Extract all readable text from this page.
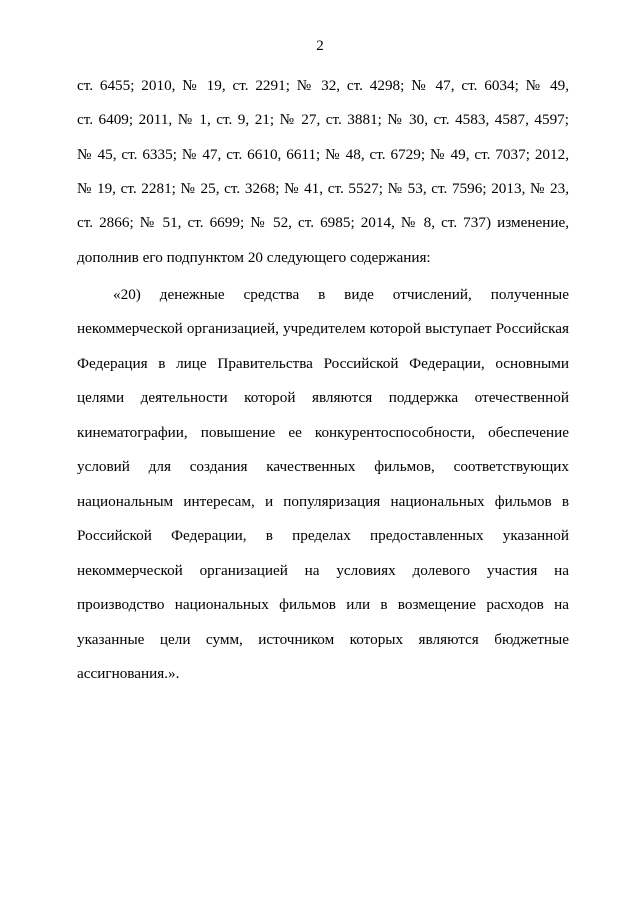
2
ст. 6455; 2010, № 19, ст. 2291; № 32, ст. 4298; № 47, ст. 6034; № 49,
ст. 6409; 2011, № 1, ст. 9, 21; № 27, ст. 3881; № 30, ст. 4583, 4587, 4597;
№ 45, ст. 6335; № 47, ст. 6610, 6611; № 48, ст. 6729; № 49, ст. 7037; 2012,
№ 19, ст. 2281; № 25, ст. 3268; № 41, ст. 5527; № 53, ст. 7596; 2013, № 23,
ст. 2866; № 51, ст. 6699; № 52, ст. 6985; 2014, № 8, ст. 737) изменение,
дополнив его подпунктом 20 следующего содержания:
«20) денежные средства в виде отчислений, полученные
некоммерческой организацией, учредителем которой выступает Российская
Федерация в лице Правительства Российской Федерации, основными
целями деятельности которой являются поддержка отечественной
кинематографии, повышение ее конкурентоспособности, обеспечение
условий для создания качественных фильмов, соответствующих
национальным интересам, и популяризация национальных фильмов в
Российской Федерации, в пределах предоставленных указанной
некоммерческой организацией на условиях долевого участия на
производство национальных фильмов или в возмещение расходов на
указанные цели сумм, источником которых являются бюджетные
ассигнования.».
